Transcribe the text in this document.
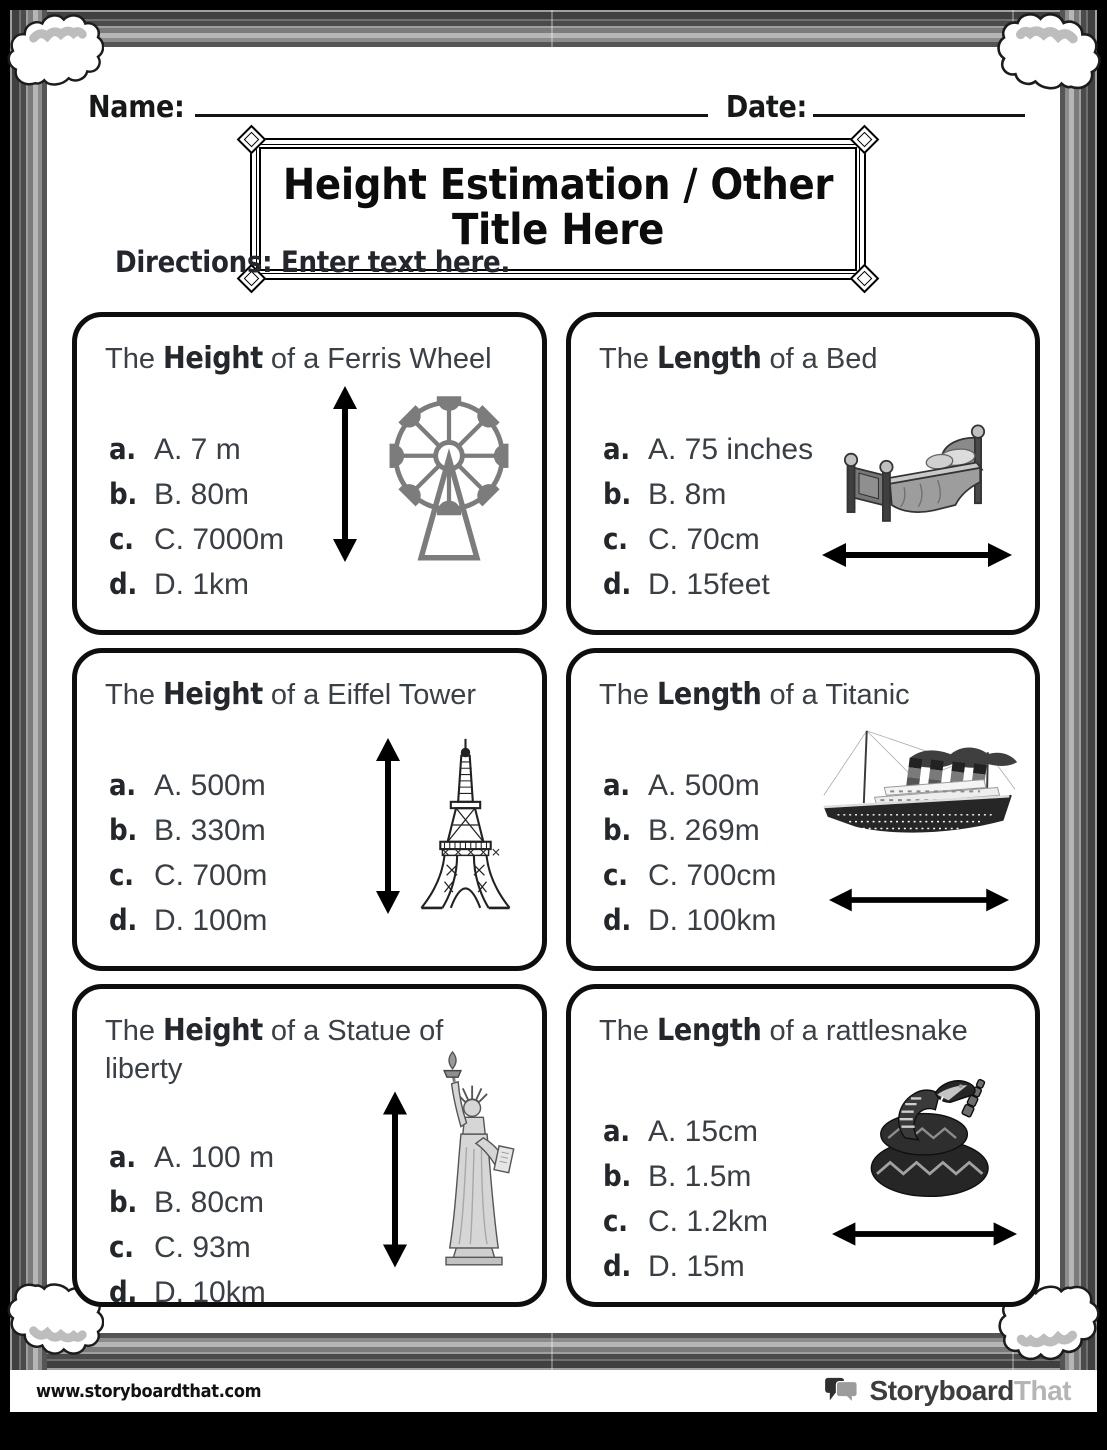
Name:	Date:
Height Estimation / Other Title Here
Directions: Enter text here.
The Height of a Ferris Wheel
a. A. 7 m
b. B. 80m
c. C. 7000m
d. D. 1km
The Length of a Bed
a. A. 75 inches
b. B. 8m
c. C. 70cm
d. D. 15feet
The Height of a Eiffel Tower
a. A. 500m
b. B. 330m
c. C. 700m
d. D. 100m
The Length of a Titanic
a. A. 500m
b. B. 269m
c. C. 700cm
d. D. 100km
The Height of a Statue of liberty
a. A. 100 m
b. B. 80cm
c. C. 93m
d. D. 10km
The Length of a rattlesnake
a. A. 15cm
b. B. 1.5m
c. C. 1.2km
d. D. 15m
www.storyboardthat.com	StoryboardThat
